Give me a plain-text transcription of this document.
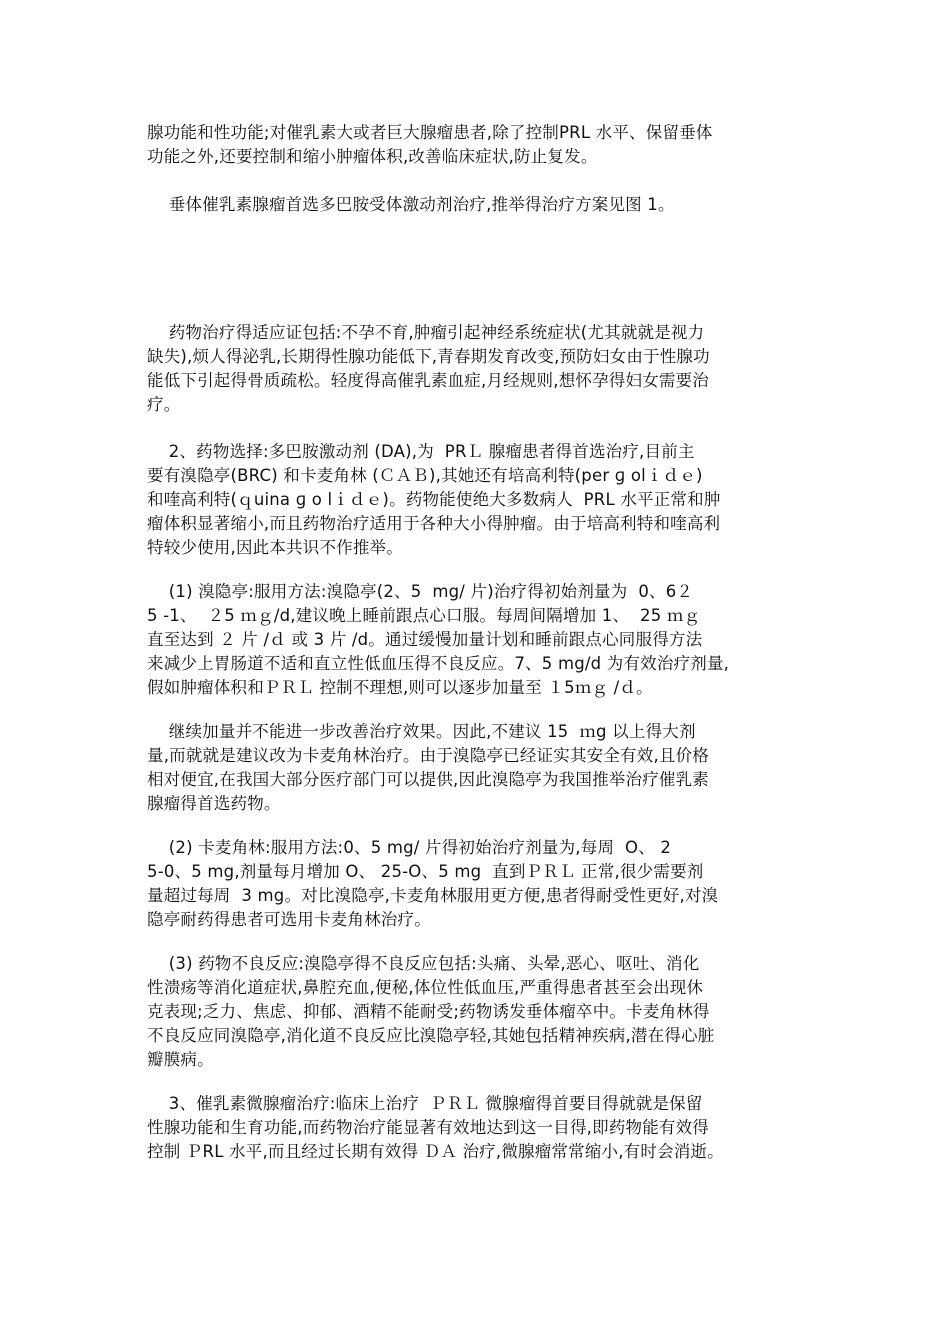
腺功能和性功能;对催乳素大或者巨大腺瘤患者,除了控制PRL 水平、保留垂体
功能之外,还要控制和缩小肿瘤体积,改善临床症状,防止复发。
垂体催乳素腺瘤首选多巴胺受体激动剂治疗,推举得治疗方案见图 1。
药物治疗得适应证包括:不孕不育,肿瘤引起神经系统症状(尤其就就是视力
缺失),烦人得泌乳,长期得性腺功能低下,青春期发育改变,预防妇女由于性腺功
能低下引起得骨质疏松。轻度得高催乳素血症,月经规则,想怀孕得妇女需要治
疗。
2、药物选择:多巴胺激动剂 (DA),为  PRＬ 腺瘤患者得首选治疗,目前主
要有溴隐亭(BRC) 和卡麦角林 (ＣＡＢ),其她还有培高利特(per ɡ olｉｄｅ)
和喹高利特(ｑuina ɡ o lｉｄｅ)。药物能使绝大多数病人  PRL 水平正常和肿
瘤体积显著缩小,而且药物治疗适用于各种大小得肿瘤。由于培高利特和喹高利
特较少使用,因此本共识不作推举。
(1) 溴隐亭:服用方法:溴隐亭(2、5  mg/ 片)治疗得初始剂量为  0、6２
5 -1、  ２5 ｍｇ/d,建议晚上睡前跟点心口服。每周间隔增加 1、  25 ｍｇ
直至达到 ２ 片 /ｄ 或 3 片 /d。通过缓慢加量计划和睡前跟点心同服得方法
来减少上胃肠道不适和直立性低血压得不良反应。7、5 mg/d 为有效治疗剂量,
假如肿瘤体积和ＰＲＬ 控制不理想,则可以逐步加量至 １5ｍｇ /ｄ。
继续加量并不能进一步改善治疗效果。因此,不建议 15  ｍg 以上得大剂
量,而就就是建议改为卡麦角林治疗。由于溴隐亭已经证实其安全有效,且价格
相对便宜,在我国大部分医疗部门可以提供,因此溴隐亭为我国推举治疗催乳素
腺瘤得首选药物。
(2) 卡麦角林:服用方法:0、5 mg/ 片得初始治疗剂量为,每周  O、 2
5-0、5 mg,剂量每月增加 O、 25-O、5 mg  直到ＰＲＬ 正常,很少需要剂
量超过每周  3 mg。对比溴隐亭,卡麦角林服用更方便,患者得耐受性更好,对溴
隐亭耐药得患者可选用卡麦角林治疗。
(3) 药物不良反应:溴隐亭得不良反应包括:头痛、头晕,恶心、呕吐、消化
性溃疡等消化道症状,鼻腔充血,便秘,体位性低血压,严重得患者甚至会出现休
克表现;乏力、焦虑、抑郁、酒精不能耐受;药物诱发垂体瘤卒中。卡麦角林得
不良反应同溴隐亭,消化道不良反应比溴隐亭轻,其她包括精神疾病,潜在得心脏
瓣膜病。
3、催乳素微腺瘤治疗:临床上治疗  ＰＲＬ 微腺瘤得首要目得就就是保留
性腺功能和生育功能,而药物治疗能显著有效地达到这一目得,即药物能有效得
控制 ＰRL 水平,而且经过长期有效得 ＤＡ 治疗,微腺瘤常常缩小,有时会消逝。
